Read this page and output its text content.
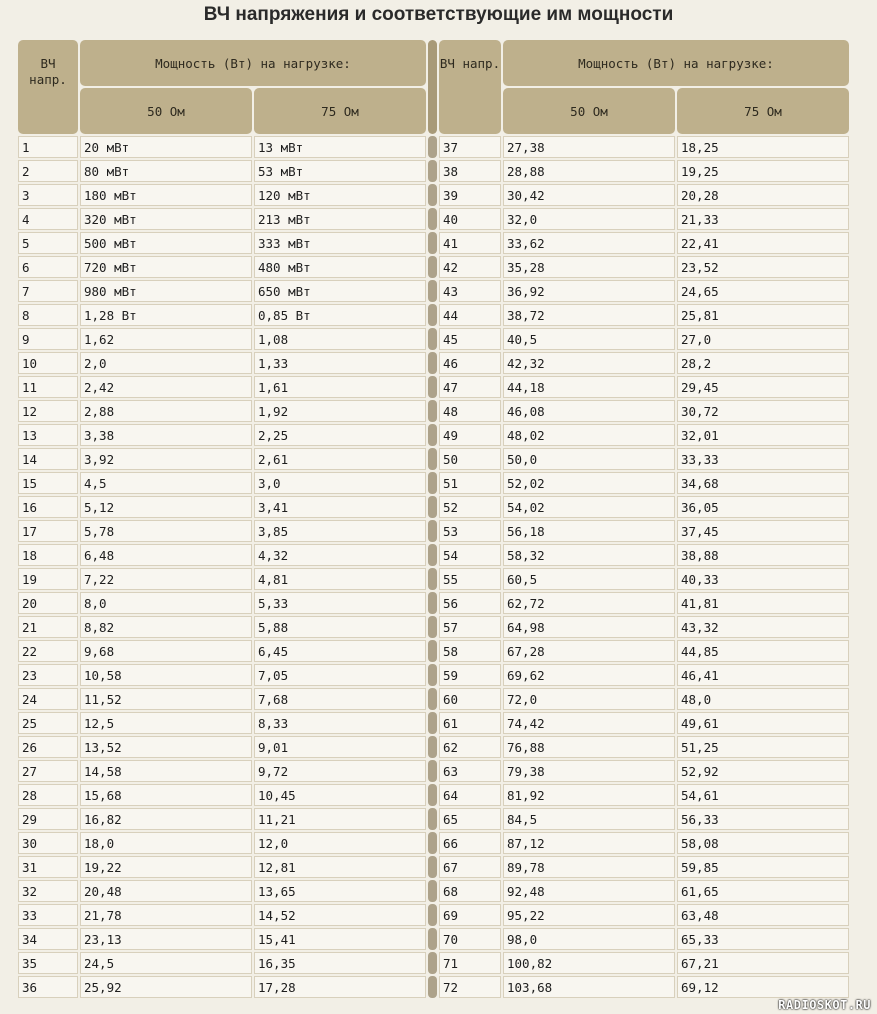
ВЧ напряжения и соответствующие им мощности
ВЧ напр.	Мощность (Вт) на нагрузке:			ВЧ напр.	Мощность (Вт) на нагрузке:	
	50 Ом	75 Ом			50 Ом	75 Ом
1	20 мВт	13 мВт		37	27,38	18,25
2	80 мВт	53 мВт		38	28,88	19,25
3	180 мВт	120 мВт		39	30,42	20,28
4	320 мВт	213 мВт		40	32,0	21,33
5	500 мВт	333 мВт		41	33,62	22,41
6	720 мВт	480 мВт		42	35,28	23,52
7	980 мВт	650 мВт		43	36,92	24,65
8	1,28 Вт	0,85 Вт		44	38,72	25,81
9	1,62	1,08		45	40,5	27,0
10	2,0	1,33		46	42,32	28,2
11	2,42	1,61		47	44,18	29,45
12	2,88	1,92		48	46,08	30,72
13	3,38	2,25		49	48,02	32,01
14	3,92	2,61		50	50,0	33,33
15	4,5	3,0		51	52,02	34,68
16	5,12	3,41		52	54,02	36,05
17	5,78	3,85		53	56,18	37,45
18	6,48	4,32		54	58,32	38,88
19	7,22	4,81		55	60,5	40,33
20	8,0	5,33		56	62,72	41,81
21	8,82	5,88		57	64,98	43,32
22	9,68	6,45		58	67,28	44,85
23	10,58	7,05		59	69,62	46,41
24	11,52	7,68		60	72,0	48,0
25	12,5	8,33		61	74,42	49,61
26	13,52	9,01		62	76,88	51,25
27	14,58	9,72		63	79,38	52,92
28	15,68	10,45		64	81,92	54,61
29	16,82	11,21		65	84,5	56,33
30	18,0	12,0		66	87,12	58,08
31	19,22	12,81		67	89,78	59,85
32	20,48	13,65		68	92,48	61,65
33	21,78	14,52		69	95,22	63,48
34	23,13	15,41		70	98,0	65,33
35	24,5	16,35		71	100,82	67,21
36	25,92	17,28		72	103,68	69,12
RADIOSKOT.RU
